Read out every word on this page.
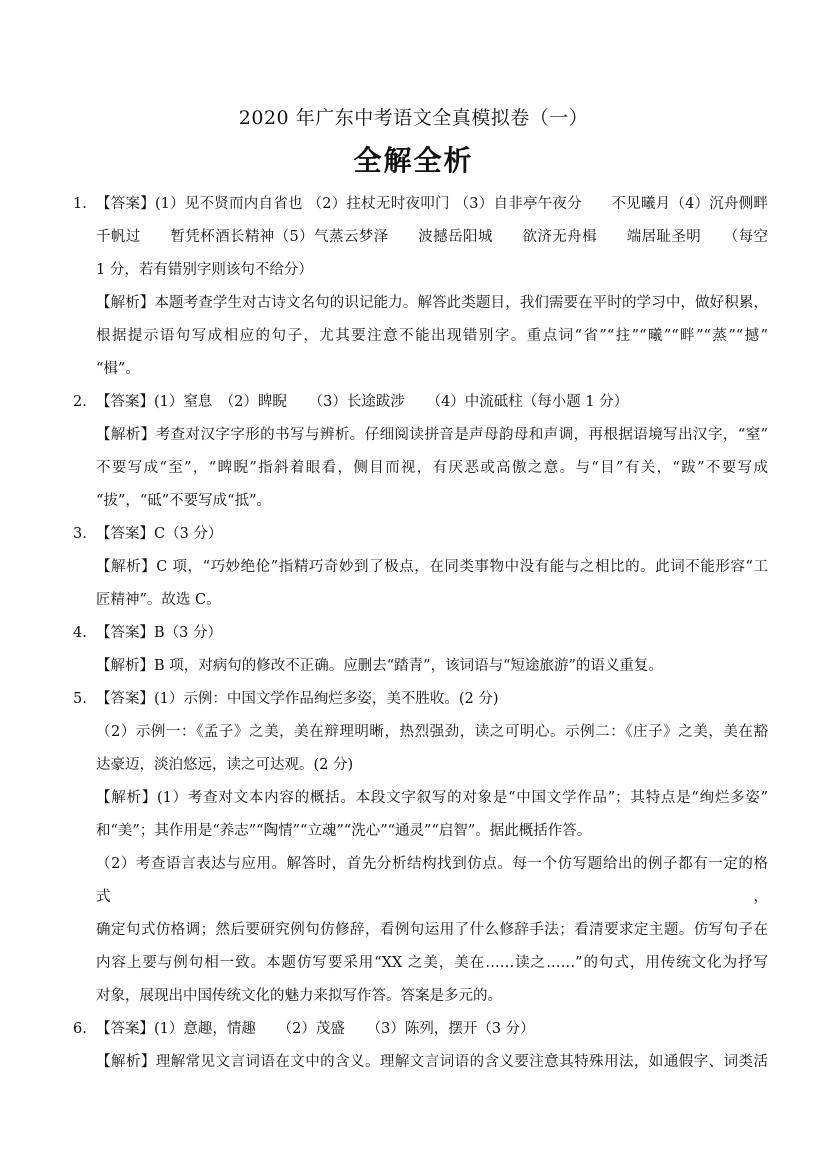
2020 年广东中考语文全真模拟卷（一）
全解全析
1. 【答案】(1）见不贤而内自省也 （2）拄杖无时夜叩门 （3）自非亭午夜分　　不见曦月（4）沉舟侧畔
千帆过　　暂凭杯酒长精神（5）气蒸云梦泽　　波撼岳阳城　　欲济无舟楫　　端居耻圣明　　（每空
1 分，若有错别字则该句不给分）
【解析】本题考查学生对古诗文名句的识记能力。解答此类题目，我们需要在平时的学习中，做好积累，
根据提示语句写成相应的句子，尤其要注意不能出现错别字。重点词“省”“拄”“曦”“畔”“蒸”“撼”
“楫”。
2. 【答案】(1）窒息　（2）睥睨　　（3）长途跋涉　　（4）中流砥柱（每小题 1 分）
【解析】考查对汉字字形的书写与辨析。仔细阅读拼音是声母韵母和声调，再根据语境写出汉字，“窒”
不要写成“至”，“睥睨”指斜着眼看，侧目而视，有厌恶或高傲之意。与“目”有关，“跋”不要写成
“拔”，“砥”不要写成“抵”。
3. 【答案】C（3 分）
【解析】C 项，“巧妙绝伦”指精巧奇妙到了极点，在同类事物中没有能与之相比的。此词不能形容“工
匠精神”。故选 C。
4. 【答案】B（3 分）
【解析】B 项，对病句的修改不正确。应删去“踏青”，该词语与“短途旅游”的语义重复。
5. 【答案】(1）示例：中国文学作品绚烂多姿，美不胜收。(2 分)
（2）示例一：《孟子》之美，美在辩理明晰，热烈强劲，读之可明心。示例二：《庄子》之美，美在豁
达豪迈，淡泊悠远，读之可达观。(2 分)
【解析】(1）考查对文本内容的概括。本段文字叙写的对象是“中国文学作品”；其特点是“绚烂多姿”
和“美”；其作用是“养志”“陶情”“立魂”“洗心”“通灵”“启智”。据此概括作答。
（2）考查语言表达与应用。解答时，首先分析结构找到仿点。每一个仿写题给出的例子都有一定的格式，
确定句式仿格调；然后要研究例句仿修辞，看例句运用了什么修辞手法；看清要求定主题。仿写句子在
内容上要与例句相一致。本题仿写要采用“XX 之美，美在……读之……”的句式，用传统文化为抒写
对象，展现出中国传统文化的魅力来拟写作答。答案是多元的。
6. 【答案】(1）意趣，情趣　　（2）茂盛　　（3）陈列，摆开（3 分）
【解析】理解常见文言词语在文中的含义。理解文言词语的含义要注意其特殊用法，如通假字、词类活
